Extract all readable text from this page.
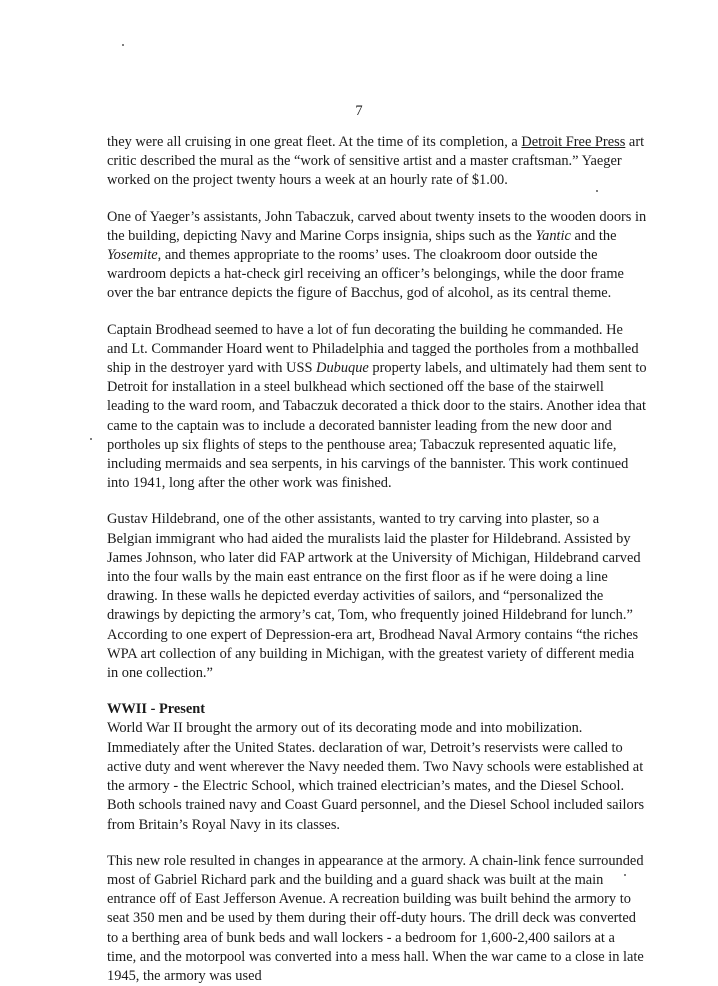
7

they were all cruising in one great fleet. At the time of its completion, a Detroit Free Press art critic described the mural as the “work of sensitive artist and a master craftsman.” Yaeger worked on the project twenty hours a week at an hourly rate of $1.00.

One of Yaeger’s assistants, John Tabaczuk, carved about twenty insets to the wooden doors in the building, depicting Navy and Marine Corps insignia, ships such as the Yantic and the Yosemite, and themes appropriate to the rooms’ uses. The cloakroom door outside the wardroom depicts a hat-check girl receiving an officer’s belongings, while the door frame over the bar entrance depicts the figure of Bacchus, god of alcohol, as its central theme.

Captain Brodhead seemed to have a lot of fun decorating the building he commanded. He and Lt. Commander Hoard went to Philadelphia and tagged the portholes from a mothballed ship in the destroyer yard with USS Dubuque property labels, and ultimately had them sent to Detroit for installation in a steel bulkhead which sectioned off the base of the stairwell leading to the ward room, and Tabaczuk decorated a thick door to the stairs. Another idea that came to the captain was to include a decorated bannister leading from the new door and portholes up six flights of steps to the penthouse area; Tabaczuk represented aquatic life, including mermaids and sea serpents, in his carvings of the bannister. This work continued into 1941, long after the other work was finished.

Gustav Hildebrand, one of the other assistants, wanted to try carving into plaster, so a Belgian immigrant who had aided the muralists laid the plaster for Hildebrand. Assisted by James Johnson, who later did FAP artwork at the University of Michigan, Hildebrand carved into the four walls by the main east entrance on the first floor as if he were doing a line drawing. In these walls he depicted everday activities of sailors, and “personalized the drawings by depicting the armory’s cat, Tom, who frequently joined Hildebrand for lunch.” According to one expert of Depression-era art, Brodhead Naval Armory contains “the riches WPA art collection of any building in Michigan, with the greatest variety of different media in one collection.”

WWII - Present

World War II brought the armory out of its decorating mode and into mobilization. Immediately after the United States. declaration of war, Detroit’s reservists were called to active duty and went wherever the Navy needed them. Two Navy schools were established at the armory - the Electric School, which trained electrician’s mates, and the Diesel School. Both schools trained navy and Coast Guard personnel, and the Diesel School included sailors from Britain’s Royal Navy in its classes.

This new role resulted in changes in appearance at the armory. A chain-link fence surrounded most of Gabriel Richard park and the building and a guard shack was built at the main entrance off of East Jefferson Avenue. A recreation building was built behind the armory to seat 350 men and be used by them during their off-duty hours. The drill deck was converted to a berthing area of bunk beds and wall lockers - a bedroom for 1,600-2,400 sailors at a time, and the motorpool was converted into a mess hall. When the war came to a close in late 1945, the armory was used
